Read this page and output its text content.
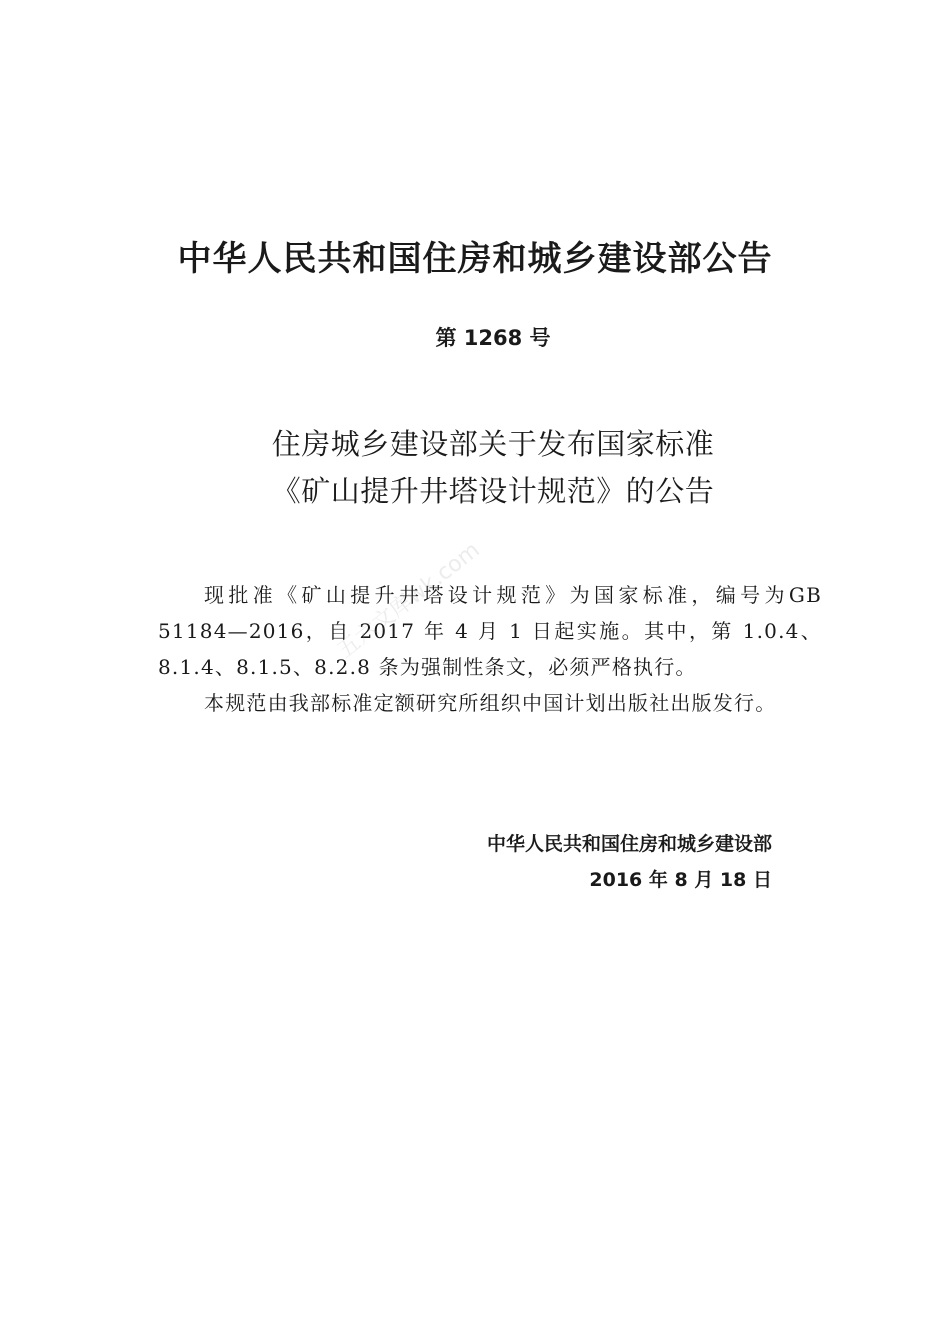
中华人民共和国住房和城乡建设部公告
第 1268 号
住房城乡建设部关于发布国家标准
《矿山提升井塔设计规范》的公告

现批准《矿山提升井塔设计规范》为国家标准，编号为GB 51184—2016，自 2017 年 4 月 1 日起实施。其中，第 1.0.4、8.1.4、8.1.5、8.2.8 条为强制性条文，必须严格执行。

本规范由我部标准定额研究所组织中国计划出版社出版发行。

中华人民共和国住房和城乡建设部
2016 年 8 月 18 日
五六文库wk.com
